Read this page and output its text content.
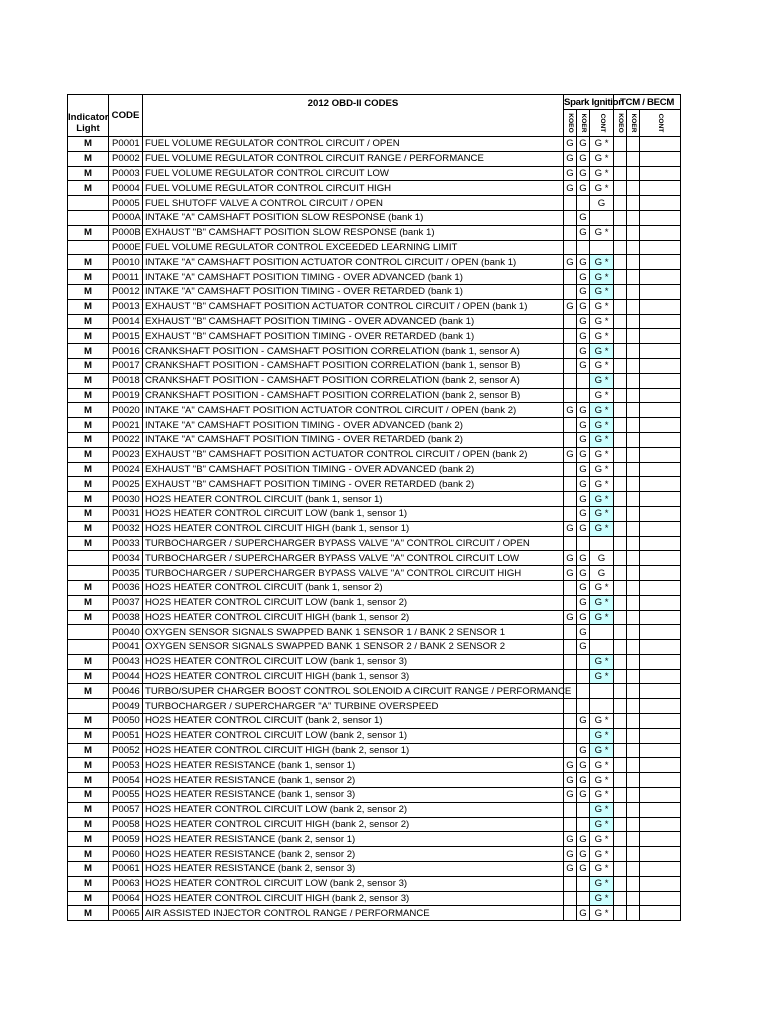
Indicator Light	CODE	2012 OBD-II CODES	Spark Ignition			TCM / BECM		

			KOEO	KOER	CONT	KOEO	KOER	CONT

M	P0001	FUEL VOLUME REGULATOR CONTROL CIRCUIT / OPEN	G	G	G *			
M	P0002	FUEL VOLUME REGULATOR CONTROL CIRCUIT RANGE / PERFORMANCE	G	G	G *			
M	P0003	FUEL VOLUME REGULATOR CONTROL CIRCUIT LOW	G	G	G *			
M	P0004	FUEL VOLUME REGULATOR CONTROL CIRCUIT HIGH	G	G	G *			
	P0005	FUEL SHUTOFF VALVE A CONTROL CIRCUIT / OPEN			G			
	P000A	INTAKE "A" CAMSHAFT POSITION SLOW RESPONSE (bank 1)		G				
M	P000B	EXHAUST "B" CAMSHAFT POSITION SLOW RESPONSE (bank 1)		G	G *			
	P000E	FUEL VOLUME REGULATOR CONTROL EXCEEDED LEARNING LIMIT						
M	P0010	INTAKE "A" CAMSHAFT POSITION ACTUATOR CONTROL CIRCUIT / OPEN (bank 1)	G	G	G *			
M	P0011	INTAKE "A" CAMSHAFT POSITION TIMING - OVER ADVANCED (bank 1)		G	G *			
M	P0012	INTAKE "A" CAMSHAFT POSITION TIMING - OVER RETARDED (bank 1)		G	G *			
M	P0013	EXHAUST "B" CAMSHAFT POSITION ACTUATOR CONTROL CIRCUIT / OPEN (bank 1)	G	G	G *			
M	P0014	EXHAUST "B" CAMSHAFT POSITION TIMING - OVER ADVANCED (bank 1)		G	G *			
M	P0015	EXHAUST "B" CAMSHAFT POSITION TIMING - OVER RETARDED (bank 1)		G	G *			
M	P0016	CRANKSHAFT POSITION - CAMSHAFT POSITION CORRELATION (bank 1, sensor A)		G	G *			
M	P0017	CRANKSHAFT POSITION - CAMSHAFT POSITION CORRELATION (bank 1, sensor B)		G	G *			
M	P0018	CRANKSHAFT POSITION - CAMSHAFT POSITION CORRELATION (bank 2, sensor A)			G *			
M	P0019	CRANKSHAFT POSITION - CAMSHAFT POSITION CORRELATION (bank 2, sensor B)			G *			
M	P0020	INTAKE "A" CAMSHAFT POSITION ACTUATOR CONTROL CIRCUIT / OPEN (bank 2)	G	G	G *			
M	P0021	INTAKE "A" CAMSHAFT POSITION TIMING - OVER ADVANCED (bank 2)		G	G *			
M	P0022	INTAKE "A" CAMSHAFT POSITION TIMING - OVER RETARDED (bank 2)		G	G *			
M	P0023	EXHAUST "B" CAMSHAFT POSITION ACTUATOR CONTROL CIRCUIT / OPEN (bank 2)	G	G	G *			
M	P0024	EXHAUST "B" CAMSHAFT POSITION TIMING - OVER ADVANCED (bank 2)		G	G *			
M	P0025	EXHAUST "B" CAMSHAFT POSITION TIMING - OVER RETARDED (bank 2)		G	G *			
M	P0030	HO2S HEATER CONTROL CIRCUIT (bank 1, sensor 1)		G	G *			
M	P0031	HO2S HEATER CONTROL CIRCUIT LOW (bank 1, sensor 1)		G	G *			
M	P0032	HO2S HEATER CONTROL CIRCUIT HIGH (bank 1, sensor 1)	G	G	G *			
M	P0033	TURBOCHARGER / SUPERCHARGER BYPASS VALVE "A" CONTROL CIRCUIT / OPEN						
	P0034	TURBOCHARGER / SUPERCHARGER BYPASS VALVE "A" CONTROL CIRCUIT LOW	G	G	G			
	P0035	TURBOCHARGER / SUPERCHARGER BYPASS VALVE "A" CONTROL CIRCUIT HIGH	G	G	G			
M	P0036	HO2S HEATER CONTROL CIRCUIT (bank 1, sensor 2)		G	G *			
M	P0037	HO2S HEATER CONTROL CIRCUIT LOW (bank 1, sensor 2)		G	G *			
M	P0038	HO2S HEATER CONTROL CIRCUIT HIGH (bank 1, sensor 2)	G	G	G *			
	P0040	OXYGEN SENSOR SIGNALS SWAPPED BANK 1 SENSOR 1 / BANK 2 SENSOR 1		G				
	P0041	OXYGEN SENSOR SIGNALS SWAPPED BANK 1 SENSOR 2 / BANK 2 SENSOR 2		G				
M	P0043	HO2S HEATER CONTROL CIRCUIT LOW (bank 1, sensor 3)			G *			
M	P0044	HO2S HEATER CONTROL CIRCUIT HIGH (bank 1, sensor 3)			G *			
M	P0046	TURBO/SUPER CHARGER BOOST CONTROL SOLENOID A CIRCUIT RANGE / PERFORMANCE						
	P0049	TURBOCHARGER / SUPERCHARGER "A" TURBINE OVERSPEED						
M	P0050	HO2S HEATER CONTROL CIRCUIT (bank 2, sensor 1)		G	G *			
M	P0051	HO2S HEATER CONTROL CIRCUIT LOW (bank 2, sensor 1)			G *			
M	P0052	HO2S HEATER CONTROL CIRCUIT HIGH (bank 2, sensor 1)		G	G *			
M	P0053	HO2S HEATER RESISTANCE (bank 1, sensor 1)	G	G	G *			
M	P0054	HO2S HEATER RESISTANCE (bank 1, sensor 2)	G	G	G *			
M	P0055	HO2S HEATER RESISTANCE (bank 1, sensor 3)	G	G	G *			
M	P0057	HO2S HEATER CONTROL CIRCUIT LOW (bank 2, sensor 2)			G *			
M	P0058	HO2S HEATER CONTROL CIRCUIT HIGH (bank 2, sensor 2)			G *			
M	P0059	HO2S HEATER RESISTANCE (bank 2, sensor 1)	G	G	G *			
M	P0060	HO2S HEATER RESISTANCE (bank 2, sensor 2)	G	G	G *			
M	P0061	HO2S HEATER RESISTANCE (bank 2, sensor 3)	G	G	G *			
M	P0063	HO2S HEATER CONTROL CIRCUIT LOW (bank 2, sensor 3)			G *			
M	P0064	HO2S HEATER CONTROL CIRCUIT HIGH (bank 2, sensor 3)			G *			
M	P0065	AIR ASSISTED INJECTOR CONTROL RANGE / PERFORMANCE		G	G *			
